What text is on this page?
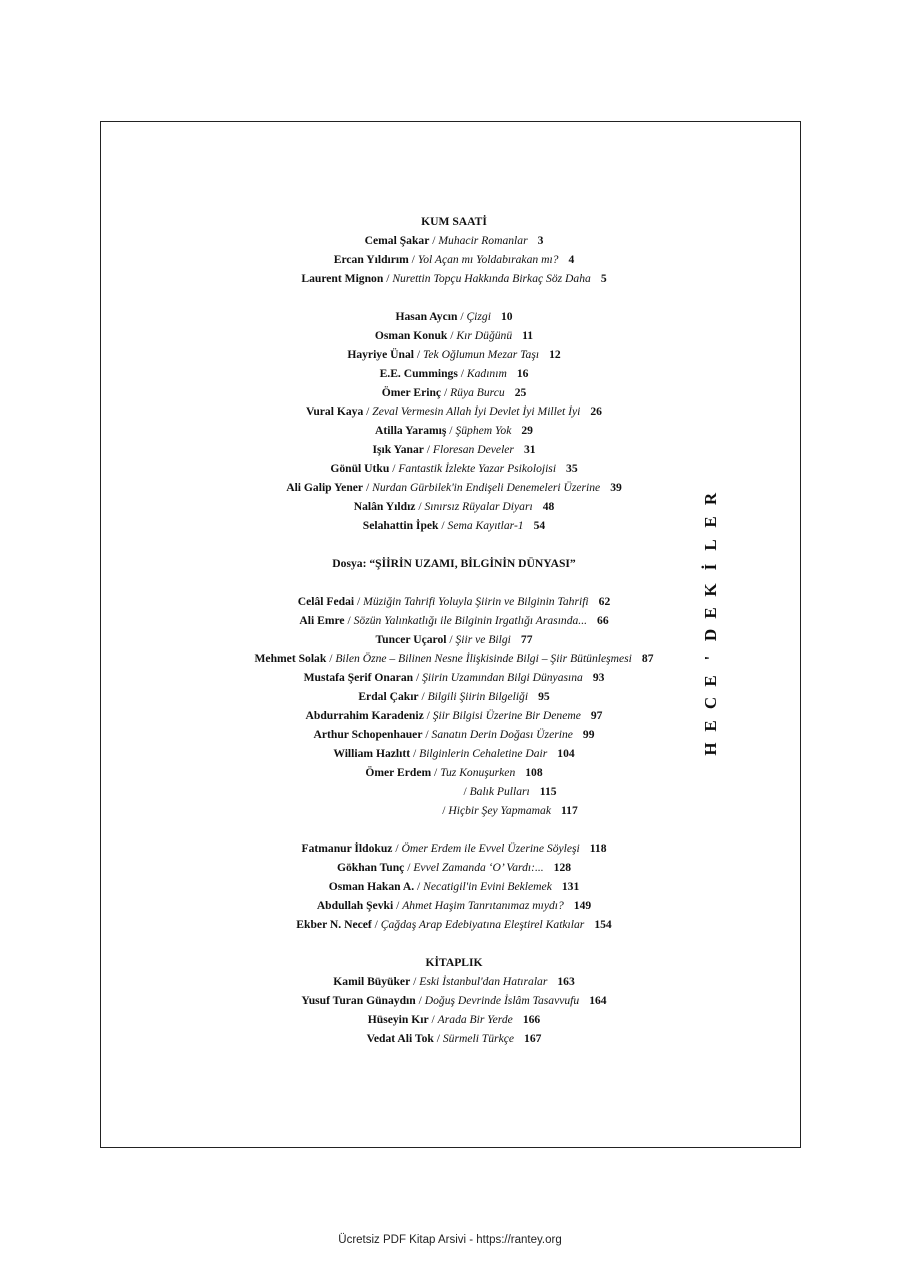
KUM SAATİ
Cemal Şakar / Muhacir Romanlar 3
Ercan Yıldırım / Yol Açan mı Yoldabırakan mı? 4
Laurent Mignon / Nurettin Topçu Hakkında Birkaç Söz Daha 5
Hasan Aycın / Çizgi 10
Osman Konuk / Kır Düğünü 11
Hayriye Ünal / Tek Oğlumun Mezar Taşı 12
E.E. Cummings / Kadınım 16
Ömer Erinç / Rüya Burcu 25
Vural Kaya / Zeval Vermesin Allah İyi Devlet İyi Millet İyi 26
Atilla Yaramış / Şüphem Yok 29
Işık Yanar / Floresan Develer 31
Gönül Utku / Fantastik İzlekte Yazar Psikolojisi 35
Ali Galip Yener / Nurdan Gürbilek'in Endişeli Denemeleri Üzerine 39
Nalân Yıldız / Sınırsız Rüyalar Diyarı 48
Selahattin İpek / Sema Kayıtlar-1 54
Dosya: “ŞİİRİN UZAMI, BİLGİNİN DÜNYASI”
Celâl Fedai / Müziğin Tahrifi Yoluyla Şiirin ve Bilginin Tahrifi 62
Ali Emre / Sözün Yalınkatlığı ile Bilginin Irgatlığı Arasında... 66
Tuncer Uçarol / Şiir ve Bilgi 77
Mehmet Solak / Bilen Özne – Bilinen Nesne İlişkisinde Bilgi – Şiir Bütünleşmesi 87
Mustafa Şerif Onaran / Şiirin Uzamından Bilgi Dünyasına 93
Erdal Çakır / Bilgili Şiirin Bilgeliği 95
Abdurrahim Karadeniz / Şiir Bilgisi Üzerine Bir Deneme 97
Arthur Schopenhauer / Sanatın Derin Doğası Üzerine 99
William Hazlıtt / Bilginlerin Cehaletine Dair 104
Ömer Erdem / Tuz Konuşurken 108
/ Balık Pulları 115
/ Hiçbir Şey Yapmamak 117
Fatmanur İldokuz / Ömer Erdem ile Evvel Üzerine Söyleşi 118
Gökhan Tunç / Evvel Zamanda ‘O’ Vardı:... 128
Osman Hakan A. / Necatigil'in Evini Beklemek 131
Abdullah Şevki / Ahmet Haşim Tanrıtanımaz mıydı? 149
Ekber N. Necef / Çağdaş Arap Edebiyatına Eleştirel Katkılar 154
KİTAPLIK
Kamil Büyüker / Eski İstanbul'dan Hatıralar 163
Yusuf Turan Günaydın / Doğuş Devrinde İslâm Tasavvufu 164
Hüseyin Kır / Arada Bir Yerde 166
Vedat Ali Tok / Sürmeli Türkçe 167
H
E
C
E
'
D
E
K
İ
L
E
R
Ücretsiz PDF Kitap Arsivi - https://rantey.org
